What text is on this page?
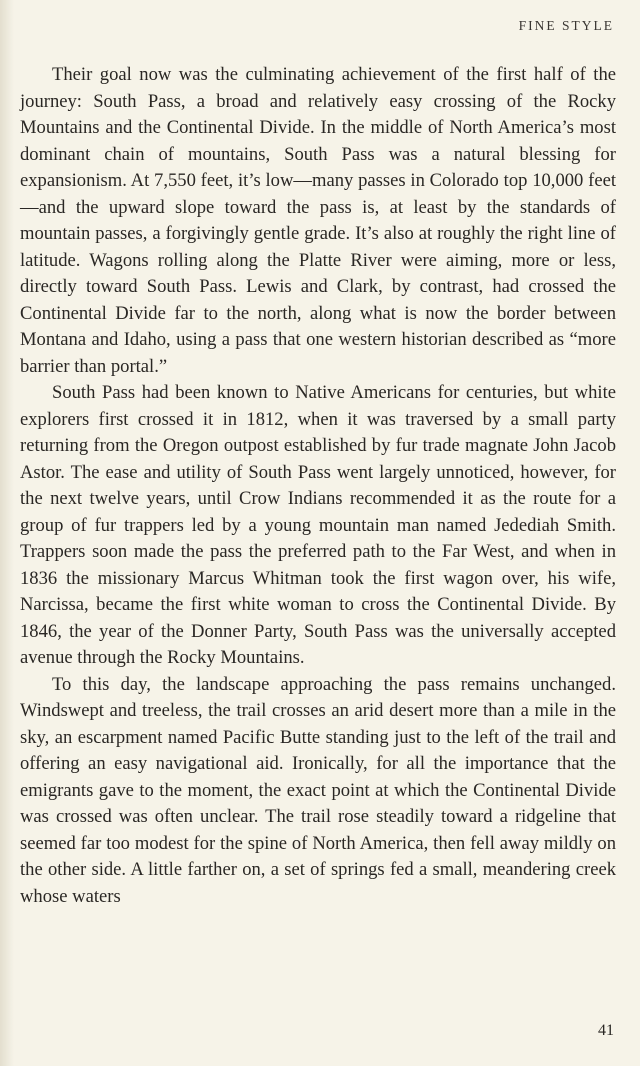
FINE STYLE

Their goal now was the culminating achievement of the first half of the journey: South Pass, a broad and relatively easy crossing of the Rocky Mountains and the Continental Divide. In the middle of North America’s most dominant chain of mountains, South Pass was a natural blessing for expansionism. At 7,550 feet, it’s low—many passes in Colorado top 10,000 feet—and the upward slope toward the pass is, at least by the standards of mountain passes, a forgivingly gentle grade. It’s also at roughly the right line of latitude. Wagons rolling along the Platte River were aiming, more or less, directly toward South Pass. Lewis and Clark, by contrast, had crossed the Continental Divide far to the north, along what is now the border between Montana and Idaho, using a pass that one western historian described as “more barrier than portal.”

South Pass had been known to Native Americans for centuries, but white explorers first crossed it in 1812, when it was traversed by a small party returning from the Oregon outpost established by fur trade magnate John Jacob Astor. The ease and utility of South Pass went largely unnoticed, however, for the next twelve years, until Crow Indians recommended it as the route for a group of fur trappers led by a young mountain man named Jedediah Smith. Trappers soon made the pass the preferred path to the Far West, and when in 1836 the missionary Marcus Whitman took the first wagon over, his wife, Narcissa, became the first white woman to cross the Continental Divide. By 1846, the year of the Donner Party, South Pass was the universally accepted avenue through the Rocky Mountains.

To this day, the landscape approaching the pass remains unchanged. Windswept and treeless, the trail crosses an arid desert more than a mile in the sky, an escarpment named Pacific Butte standing just to the left of the trail and offering an easy navigational aid. Ironically, for all the importance that the emigrants gave to the moment, the exact point at which the Continental Divide was crossed was often unclear. The trail rose steadily toward a ridgeline that seemed far too modest for the spine of North America, then fell away mildly on the other side. A little farther on, a set of springs fed a small, meandering creek whose waters

41
